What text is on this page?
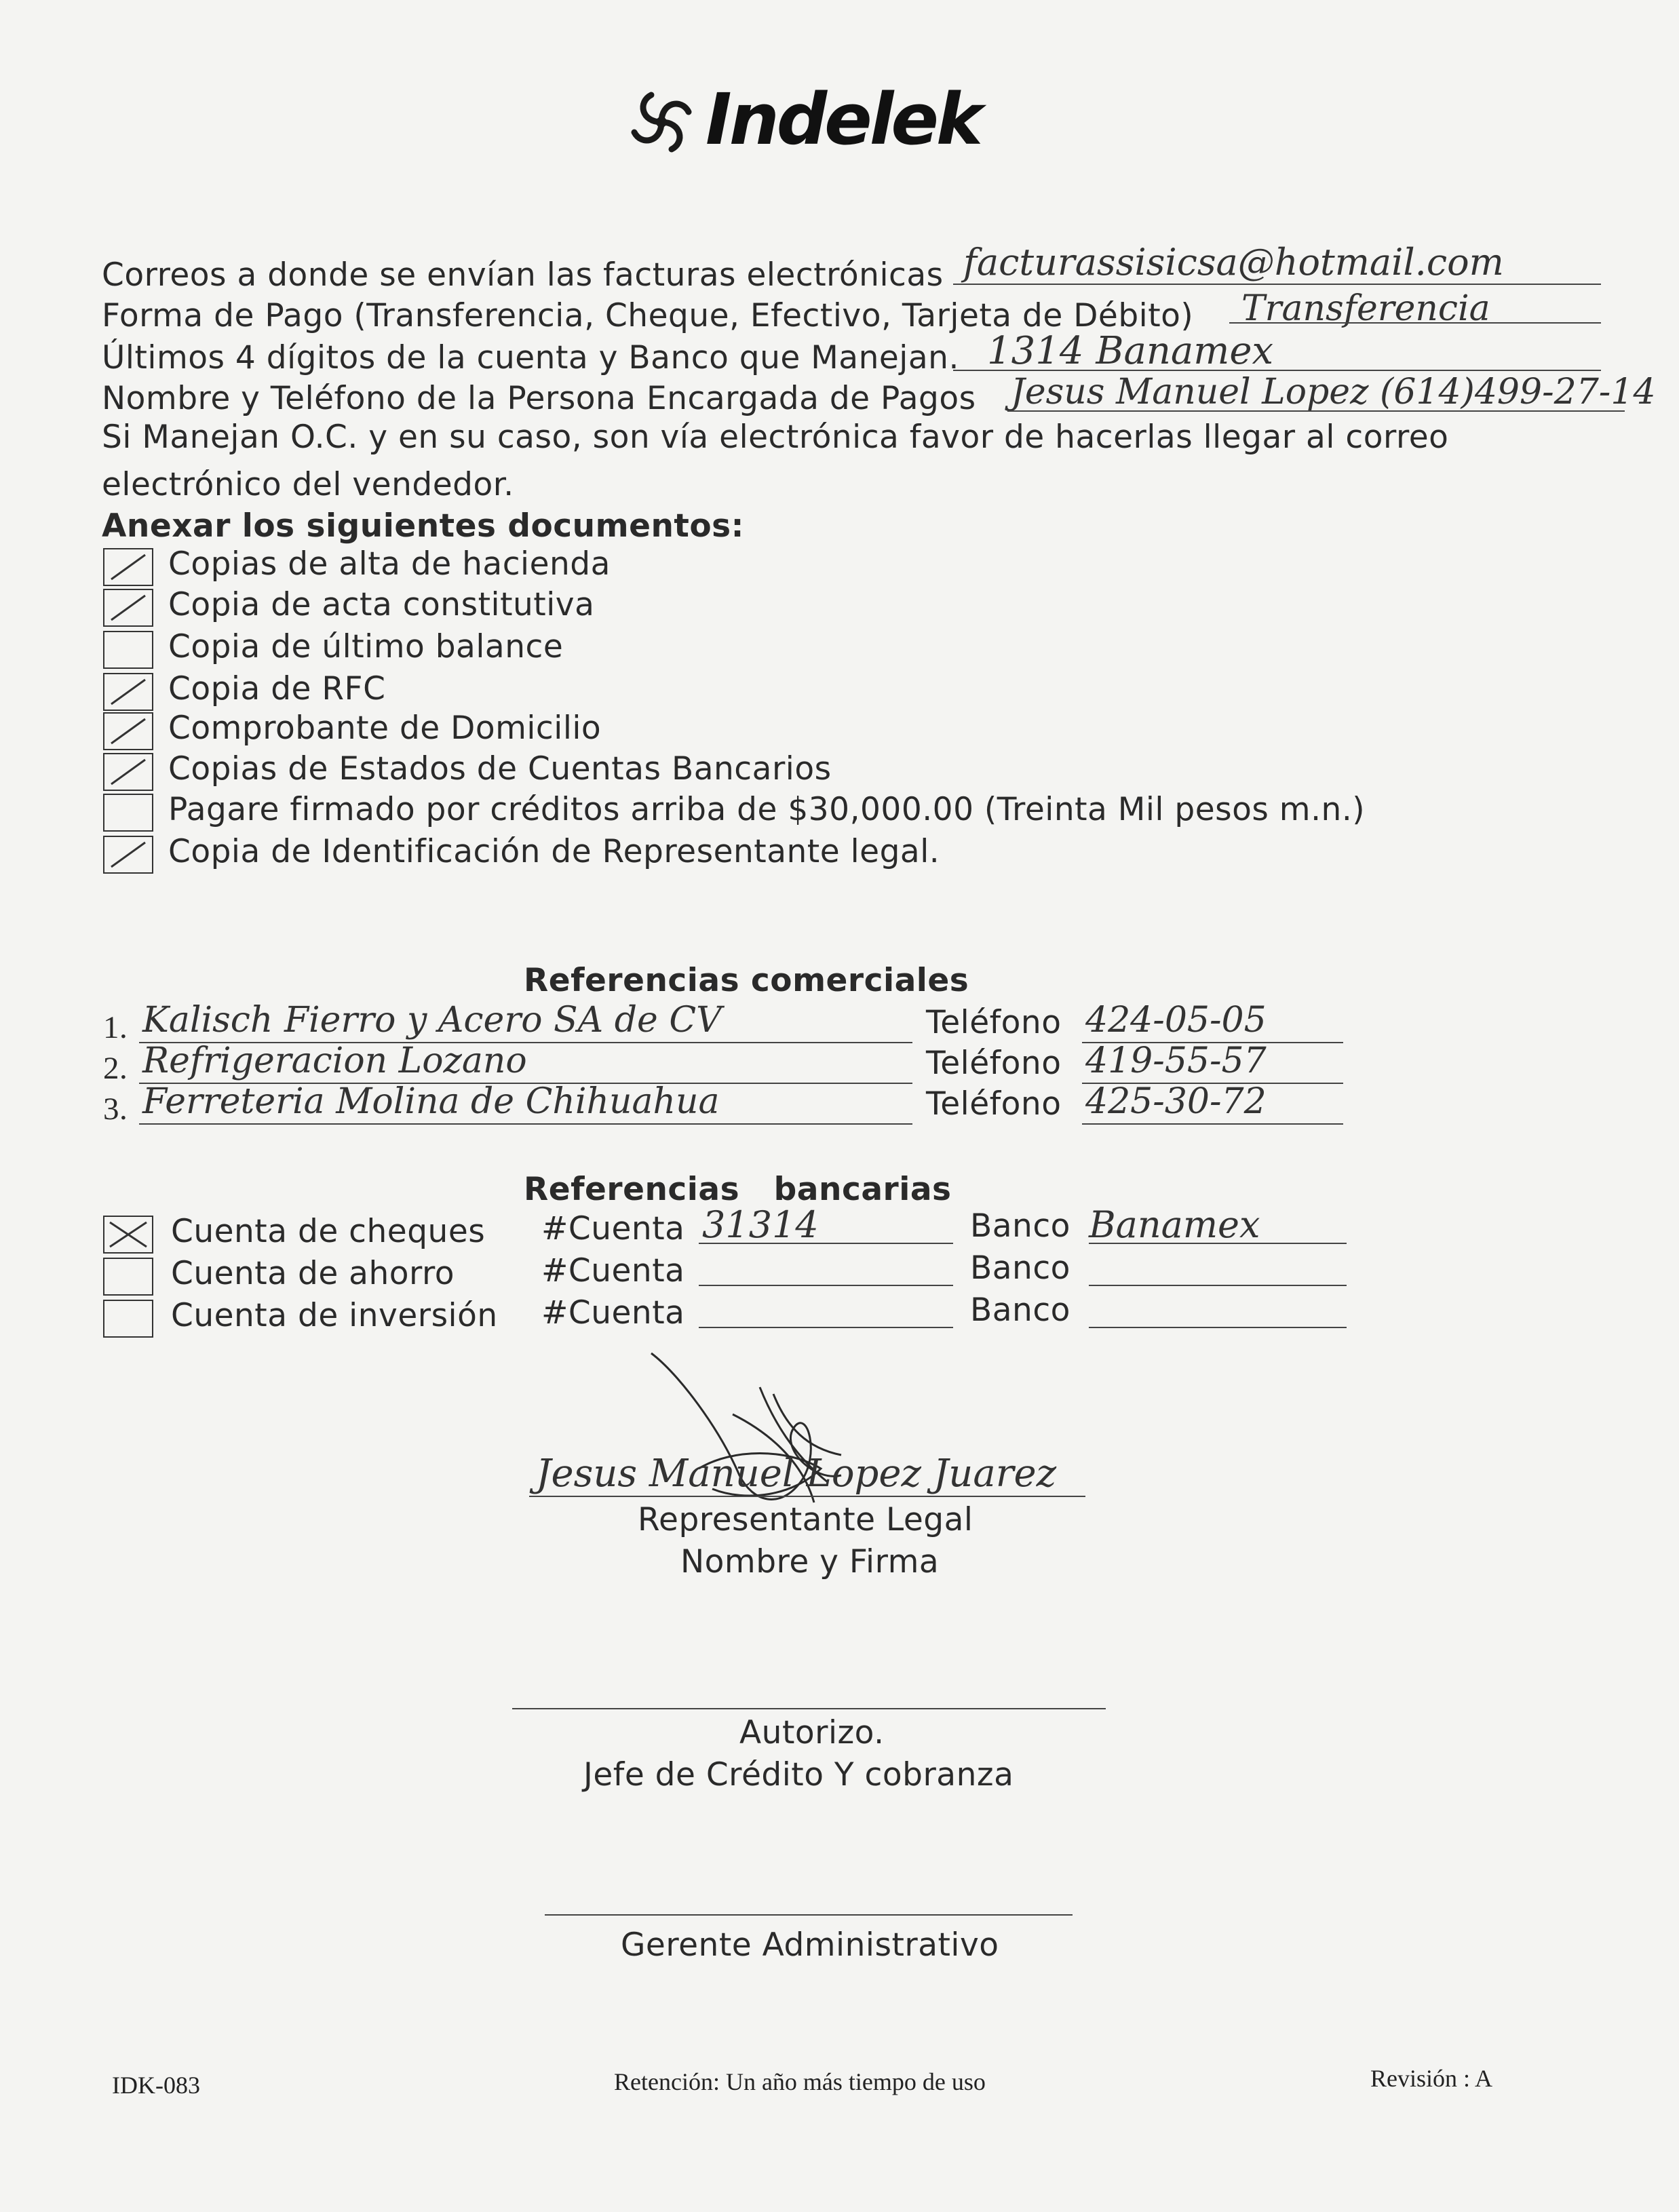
Indelek
Correos a donde se envían las facturas electrónicas facturassisicsa@hotmail.com
Forma de Pago (Transferencia, Cheque, Efectivo, Tarjeta de Débito) Transferencia
Últimos 4 dígitos de la cuenta y Banco que Manejan. 1314 Banamex
Nombre y Teléfono de la Persona Encargada de Pagos Jesus Manuel Lopez (614)499-27-14
Si Manejan O.C. y en su caso, son vía electrónica favor de hacerlas llegar al correo
electrónico del vendedor.
Anexar los siguientes documentos:
Referencias comerciales
Referencias   bancarias
Jesus Manuel Lopez Juarez
Representante Legal
Nombre y Firma
Autorizo.
Jefe de Crédito Y cobranza
Gerente Administrativo
IDK-083	Retención: Un año más tiempo de uso	Revisión : A
Copias de alta de hacienda
Copia de acta constitutiva
Copia de último balance
Copia de RFC
Comprobante de Domicilio
Copias de Estados de Cuentas Bancarios
Pagare firmado por créditos arriba de $30,000.00 (Treinta Mil pesos m.n.)
Copia de Identificación de Representante legal.
1. Kalisch Fierro y Acero SA de CV	Teléfono 424-05-05
2. Refrigeracion Lozano	Teléfono 419-55-57
3. Ferreteria Molina de Chihuahua	Teléfono 425-30-72
Cuenta de cheques #Cuenta 31314	Banco Banamex
Cuenta de ahorro	#Cuenta	Banco
Cuenta de inversión #Cuenta	Banco
